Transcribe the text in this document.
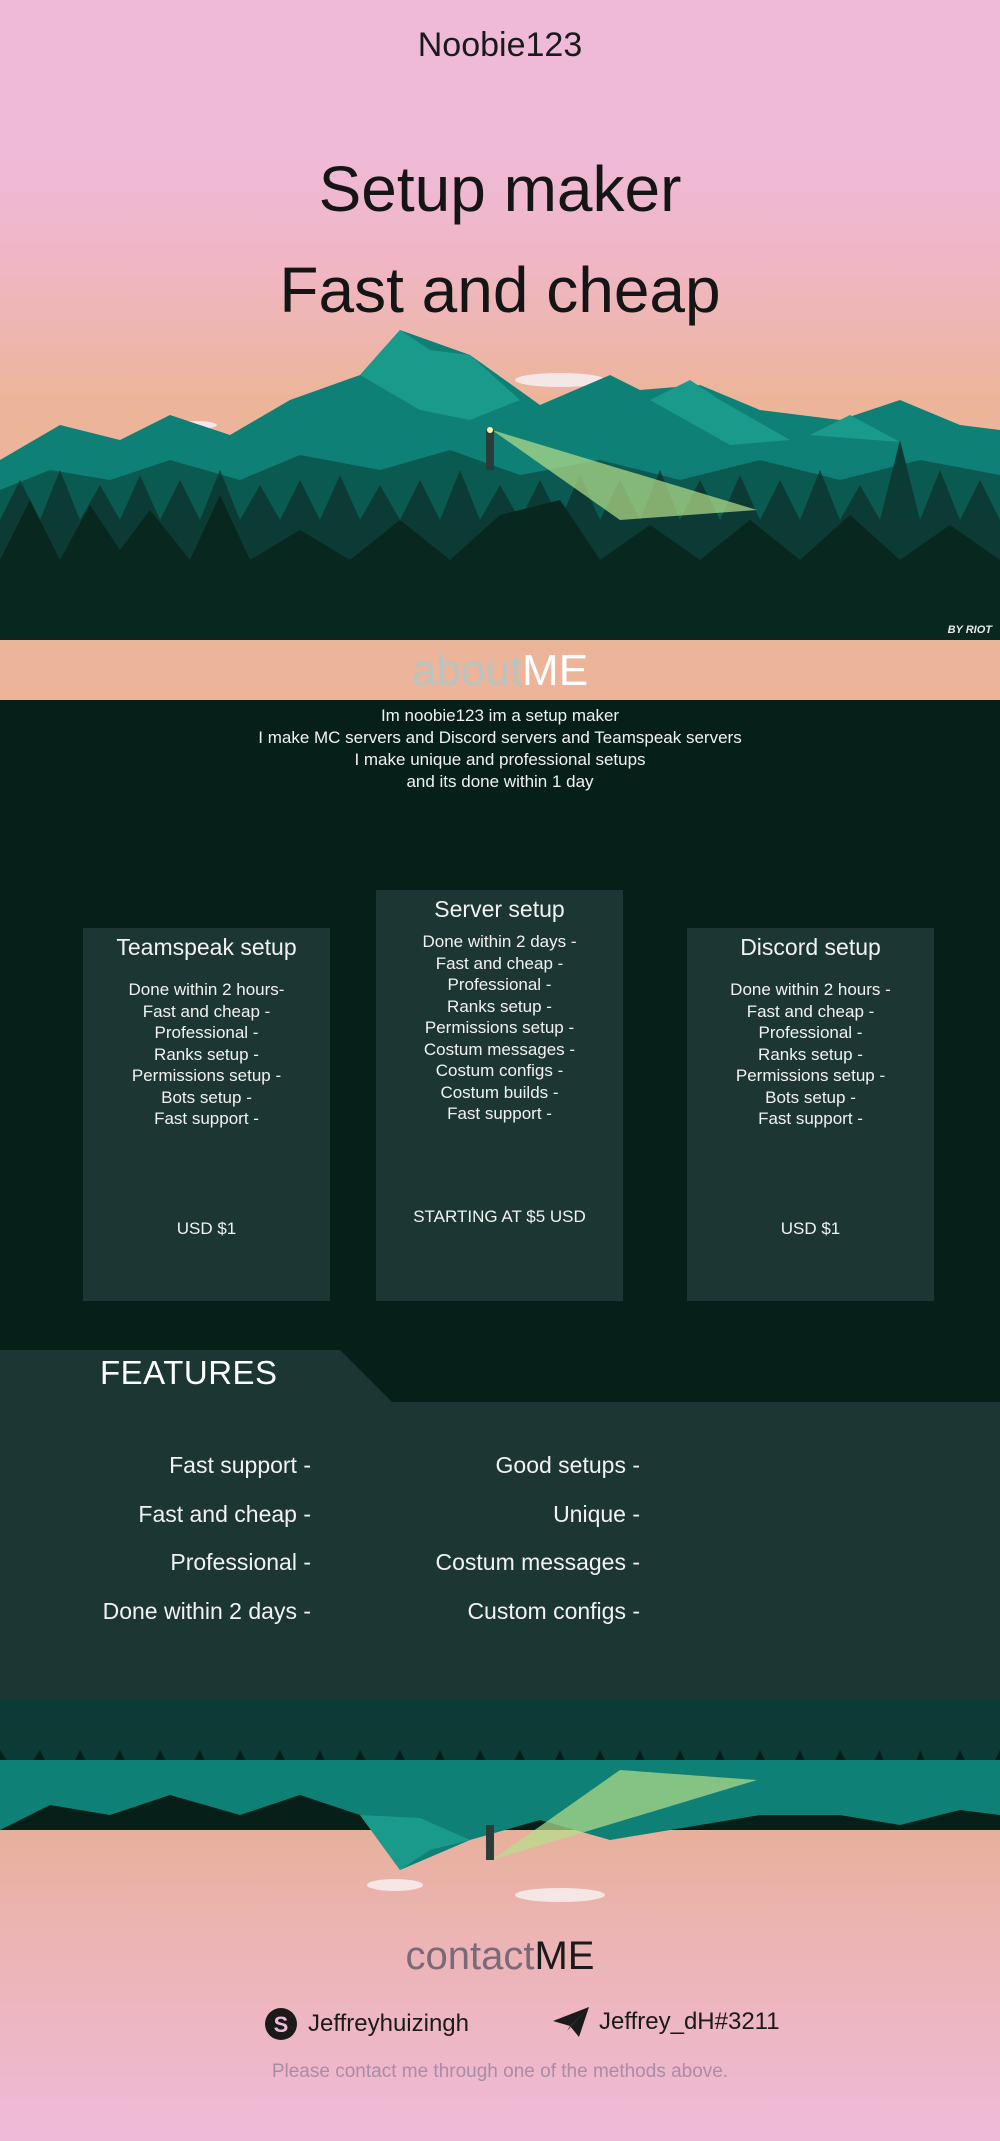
Noobie123
Setup maker
Fast and cheap
BY RIOT
aboutME
Im noobie123 im a setup maker
I make MC servers and Discord servers and Teamspeak servers
I make unique and professional setups
and its done within 1 day
Teamspeak setup
Done within 2 hours-
Fast and cheap -
Professional -
Ranks setup -
Permissions setup -
Bots setup -
Fast support -
USD $1
Server setup
Done within 2 days -
Fast and cheap -
Professional -
Ranks setup -
Permissions setup -
Costum messages -
Costum configs -
Costum builds -
Fast support -
STARTING AT $5 USD
Discord setup
Done within 2 hours -
Fast and cheap -
Professional -
Ranks setup -
Permissions setup -
Bots setup -
Fast support -
USD $1
FEATURES
Fast support -
Fast and cheap -
Professional -
Done within 2 days -
Good setups -
Unique -
Costum messages -
Custom configs -
contactME
S Jeffreyhuizingh	Jeffrey_dH#3211
Please contact me through one of the methods above.
